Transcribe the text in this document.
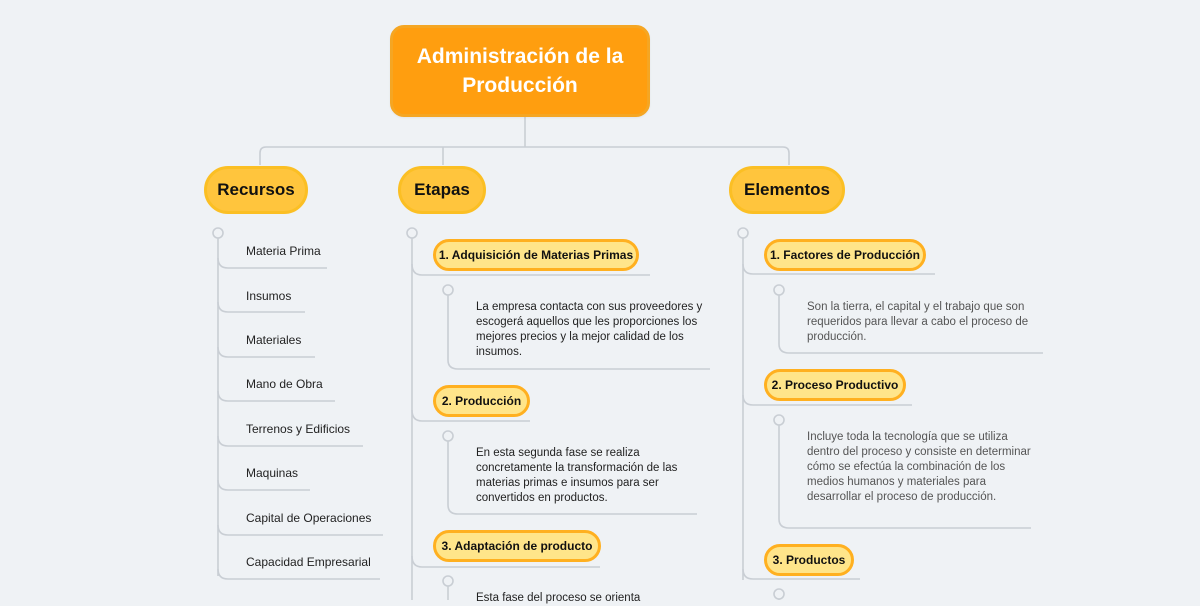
Administración de la Producción
Recursos	Etapas	Elementos
Materia Prima
Insumos
Materiales
Mano de Obra
Terrenos y Edificios
Maquinas
Capital de Operaciones
Capacidad Empresarial
1. Adquisición de Materias Primas
La empresa contacta con sus proveedores y escogerá aquellos que les proporciones los mejores precios y la mejor calidad de los insumos.
2. Producción
En esta segunda fase se realiza concretamente la transformación de las materias primas e insumos para ser convertidos en productos.
3. Adaptación de producto
Esta fase del proceso se orienta
1. Factores de Producción
Son la tierra, el capital y el trabajo que son requeridos para llevar a cabo el proceso de producción.
2. Proceso Productivo
Incluye toda la tecnología que se utiliza dentro del proceso y consiste en determinar cómo se efectúa la combinación de los medios humanos y materiales para desarrollar el proceso de producción.
3. Productos
